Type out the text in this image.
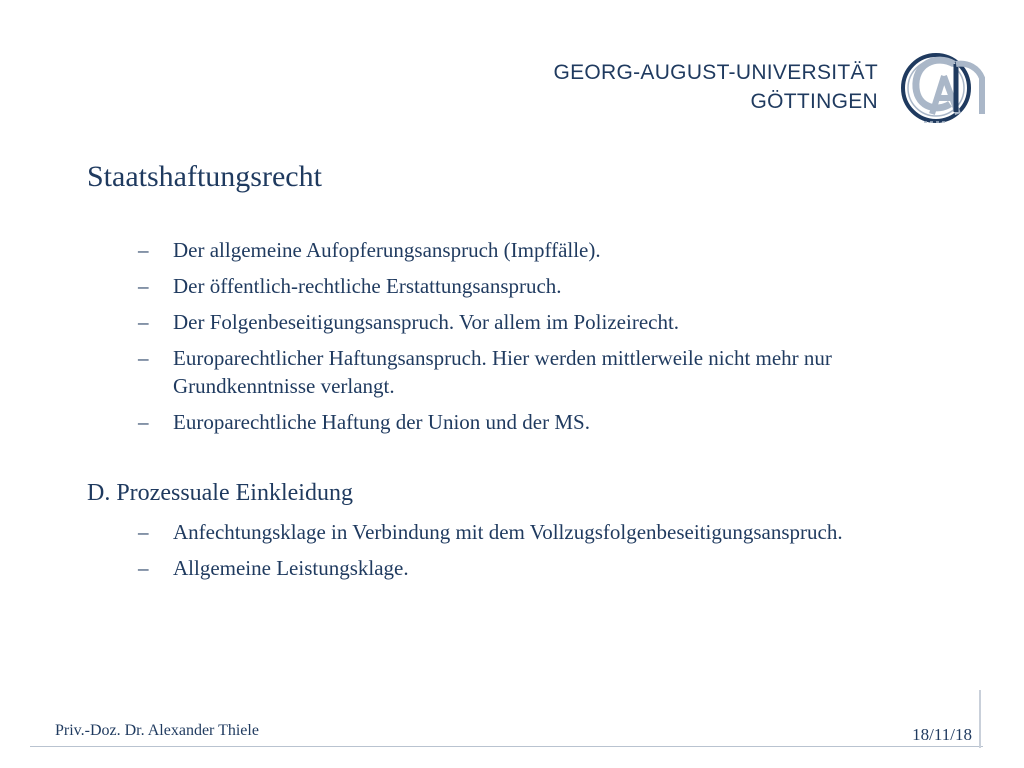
GEORG-AUGUST-UNIVERSITÄT
GÖTTINGEN
Staatshaftungsrecht
– Der allgemeine Aufopferungsanspruch (Impffälle).
– Der öffentlich-rechtliche Erstattungsanspruch.
– Der Folgenbeseitigungsanspruch. Vor allem im Polizeirecht.
– Europarechtlicher Haftungsanspruch. Hier werden mittlerweile nicht mehr nur Grundkenntnisse verlangt.
– Europarechtliche Haftung der Union und der MS.
D. Prozessuale Einkleidung
– Anfechtungsklage in Verbindung mit dem Vollzugsfolgenbeseitigungsanspruch.
– Allgemeine Leistungsklage.
Priv.-Doz. Dr. Alexander Thiele	18/11/18
